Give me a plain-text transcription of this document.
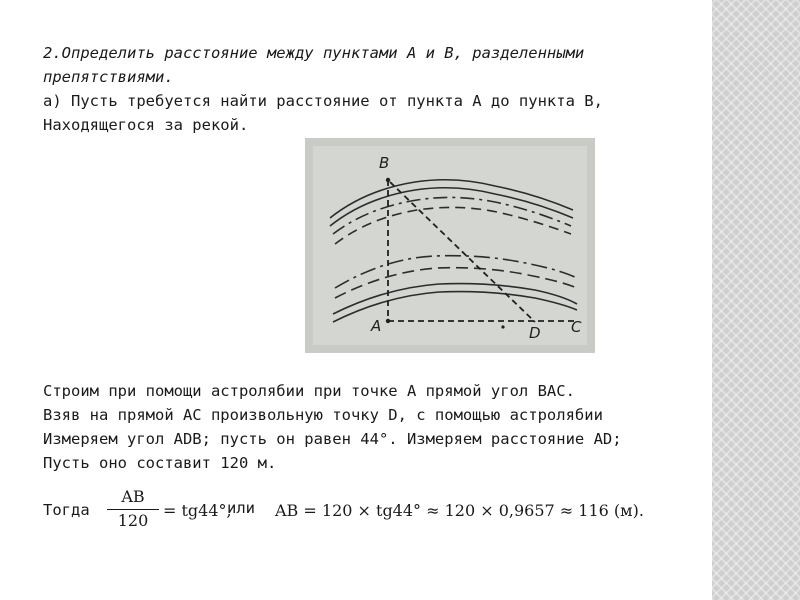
2.Определить расстояние между пунктами А и В, разделенными
препятствиями.
а) Пусть требуется найти расстояние от пункта А до пункта В,
Находящегося за рекой.
B
A	D C
Строим при помощи астролябии при точке А прямой угол ВАС.
Взяв на прямой АС произвольную точку D, с помощью астролябии
Измеряем угол ADB; пусть он равен 44°. Измеряем расстояние AD;
Пусть оно составит 120 м.
Тогда $\frac{AB}{120} = tg44^\circ$,
или AB = 120 × tg44° ≈ 120 × 0,9657 ≈ 116 (м).
